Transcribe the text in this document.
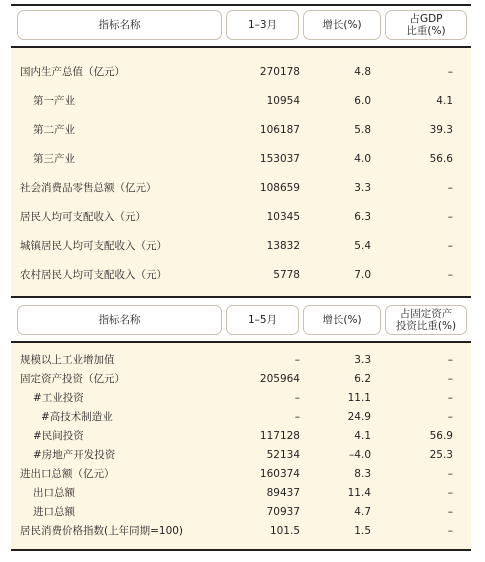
指标名称	1–3月	增长(%)	占GDP
比重(%)
国内生产总值（亿元）	270178	4.8	–
第一产业	10954	6.0	4.1
第二产业	106187	5.8	39.3
第三产业	153037	4.0	56.6
社会消费品零售总额（亿元）	108659	3.3	–
居民人均可支配收入（元）	10345	6.3	–
城镇居民人均可支配收入（元）	13832	5.4	–
农村居民人均可支配收入（元）	5778	7.0	–
指标名称	1–5月	增长(%)	占固定资产
投资比重(%)
规模以上工业增加值	–	3.3	–
固定资产投资（亿元）	205964	6.2	–
#工业投资	–	11.1	–
#高技术制造业	–	24.9	–
#民间投资	117128	4.1	56.9
#房地产开发投资	52134	–4.0	25.3
进出口总额（亿元）	160374	8.3	–
出口总额	89437	11.4	–
进口总额	70937	4.7	–
居民消费价格指数(上年同期=100)	101.5	1.5	–
